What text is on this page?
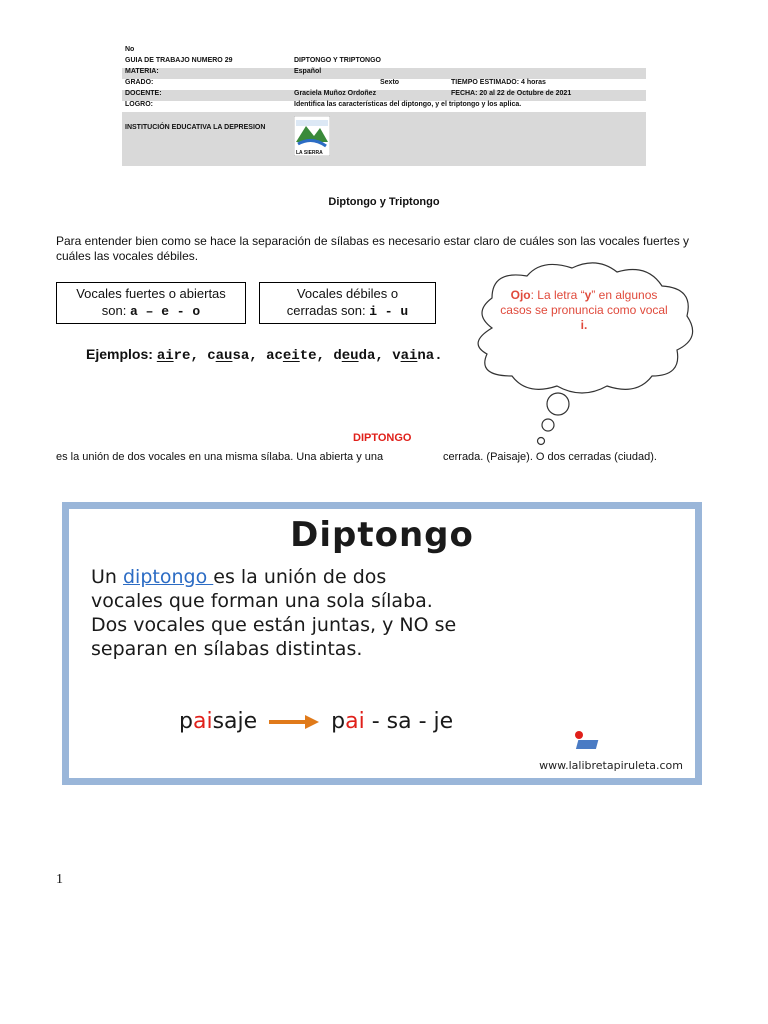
No			
GUIA DE TRABAJO NUMERO 29	DIPTONGO Y TRIPTONGO		
MATERIA:	Español		
GRADO:		Sexto	TIEMPO ESTIMADO: 4 horas
DOCENTE:	Graciela Muñoz Ordoñez		FECHA: 20 al 22 de Octubre de 2021
LOGRO:	Identifica las características del diptongo, y el triptongo y los aplica.		
INSTITUCIÓN EDUCATIVA LA DEPRESION	LA SIERRA		
Diptongo y Triptongo
Para entender bien como se hace la separación de sílabas es necesario estar claro de cuáles son las vocales fuertes y cuáles las vocales débiles.
Vocales fuertes o abiertas
son: a – e - o
Vocales débiles o
cerradas son: i - u
Ejemplos: aire, causa, aceite, deuda, vaina.
Ojo: La letra “y” en algunos casos se pronuncia como vocal
i.
DIPTONGO
es la unión de dos vocales en una misma sílaba. Una abierta y una	cerrada. (Paisaje). O dos cerradas (ciudad).
Diptongo
Un diptongo es la unión de dos
vocales que forman una sola sílaba.
Dos vocales que están juntas, y NO se
separan en sílabas distintas.
paisaje	pai - sa - je
www.lalibretapiruleta.com
1
